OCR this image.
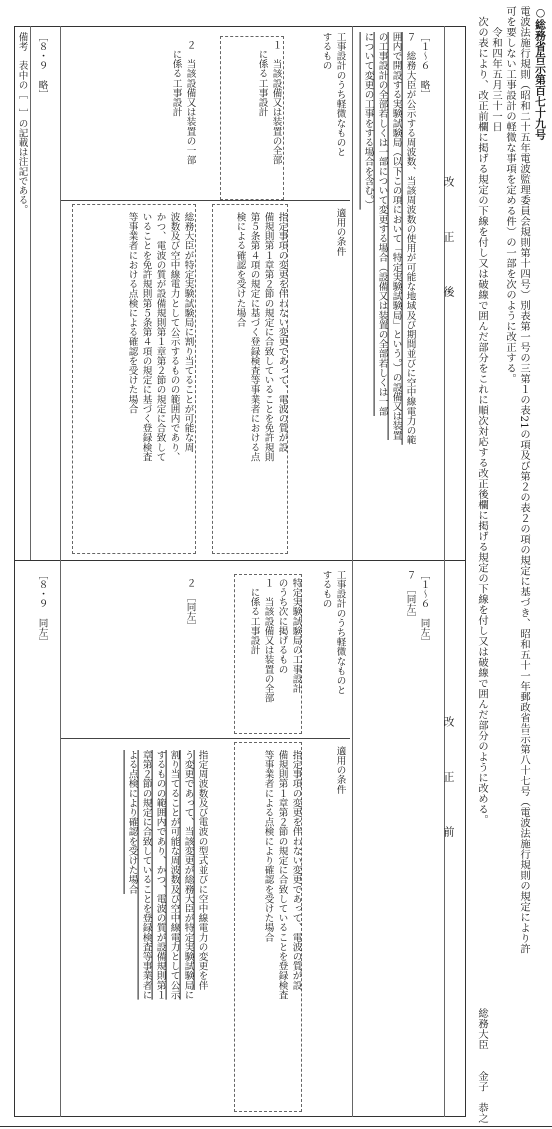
○総務省告示第百七十九号

電波法施行規則（昭和二十五年電波監理委員会規則第十四号）別表第一号の三第１の表21の項及び第２の表２の項の規定に基づき、昭和五十一年郵政省告示第八十七号（電波法施行規則の規定により許

可を要しない工事設計の軽微な事項を定める件）の一部を次のように改正する。

　　令和四年五月三十一日

　次の表により、改正前欄に掲げる規定の下線を付し又は破線で囲んだ部分をこれに順次対応する改正後欄に掲げる規定の下線を付し又は破線で囲んだ部分のように改める。

総務大臣　　金子　恭之

改　　　　正　　　　後

［１～６　略］

７　総務大臣が公示する周波数、当該周波数の使用が可能な地域及び期間並びに空中線電力の範

囲内で開設する実験試験局（以下この項において「特定実験試験局」という。）の設備又は装置

の工事設計の全部若しくは一部について変更する場合（設備又は装置の全部若しくは一部

について変更の工事をする場合を含む。）

工事設計のうち軽微なものと

するもの

適用の条件

１　当該設備又は装置の全部

　に係る工事設計

指定事項の変更を伴わない変更であって、電波の質が設

備規則第１章第２節の規定に合致していることを免許規則

第５条第４項の規定に基づく登録検査等事業者における点

検による確認を受けた場合

２　当該設備又は装置の一部

　に係る工事設計

総務大臣が特定実験試験局に割り当てることが可能な周

波数及び空中線電力として公示するものの範囲内であり、

かつ、電波の質が設備規則第１章第２節の規定に合致して

いることを免許規則第５条第４項の規定に基づく登録検査

等事業者における点検による確認を受けた場合

［８・９　略］

備考　表中の［　］の記載は注記である。

改　　　　正　　　　前

［１～６　同左］

７　［同左］

工事設計のうち軽微なものと

するもの

適用の条件

特定実験試験局の工事設計

のうち次に掲げるもの

１　当該設備又は装置の全部

　に係る工事設計

指定事項の変更を伴わない変更であって、電波の質が設

備規則第１章第２節の規定に合致していることを登録検査

等事業者による点検により確認を受けた場合

２　［同左］

指定周波数及び電波の型式並びに空中線電力の変更を伴

う変更であって、当該変更が総務大臣が特定実験試験局に

割り当てることが可能な周波数及び空中線電力として公示

するものの範囲内であり、かつ、電波の質が設備規則第１

章第２節の規定に合致していることを登録検査等事業者に

よる点検により確認を受けた場合

［８・９　同左］
